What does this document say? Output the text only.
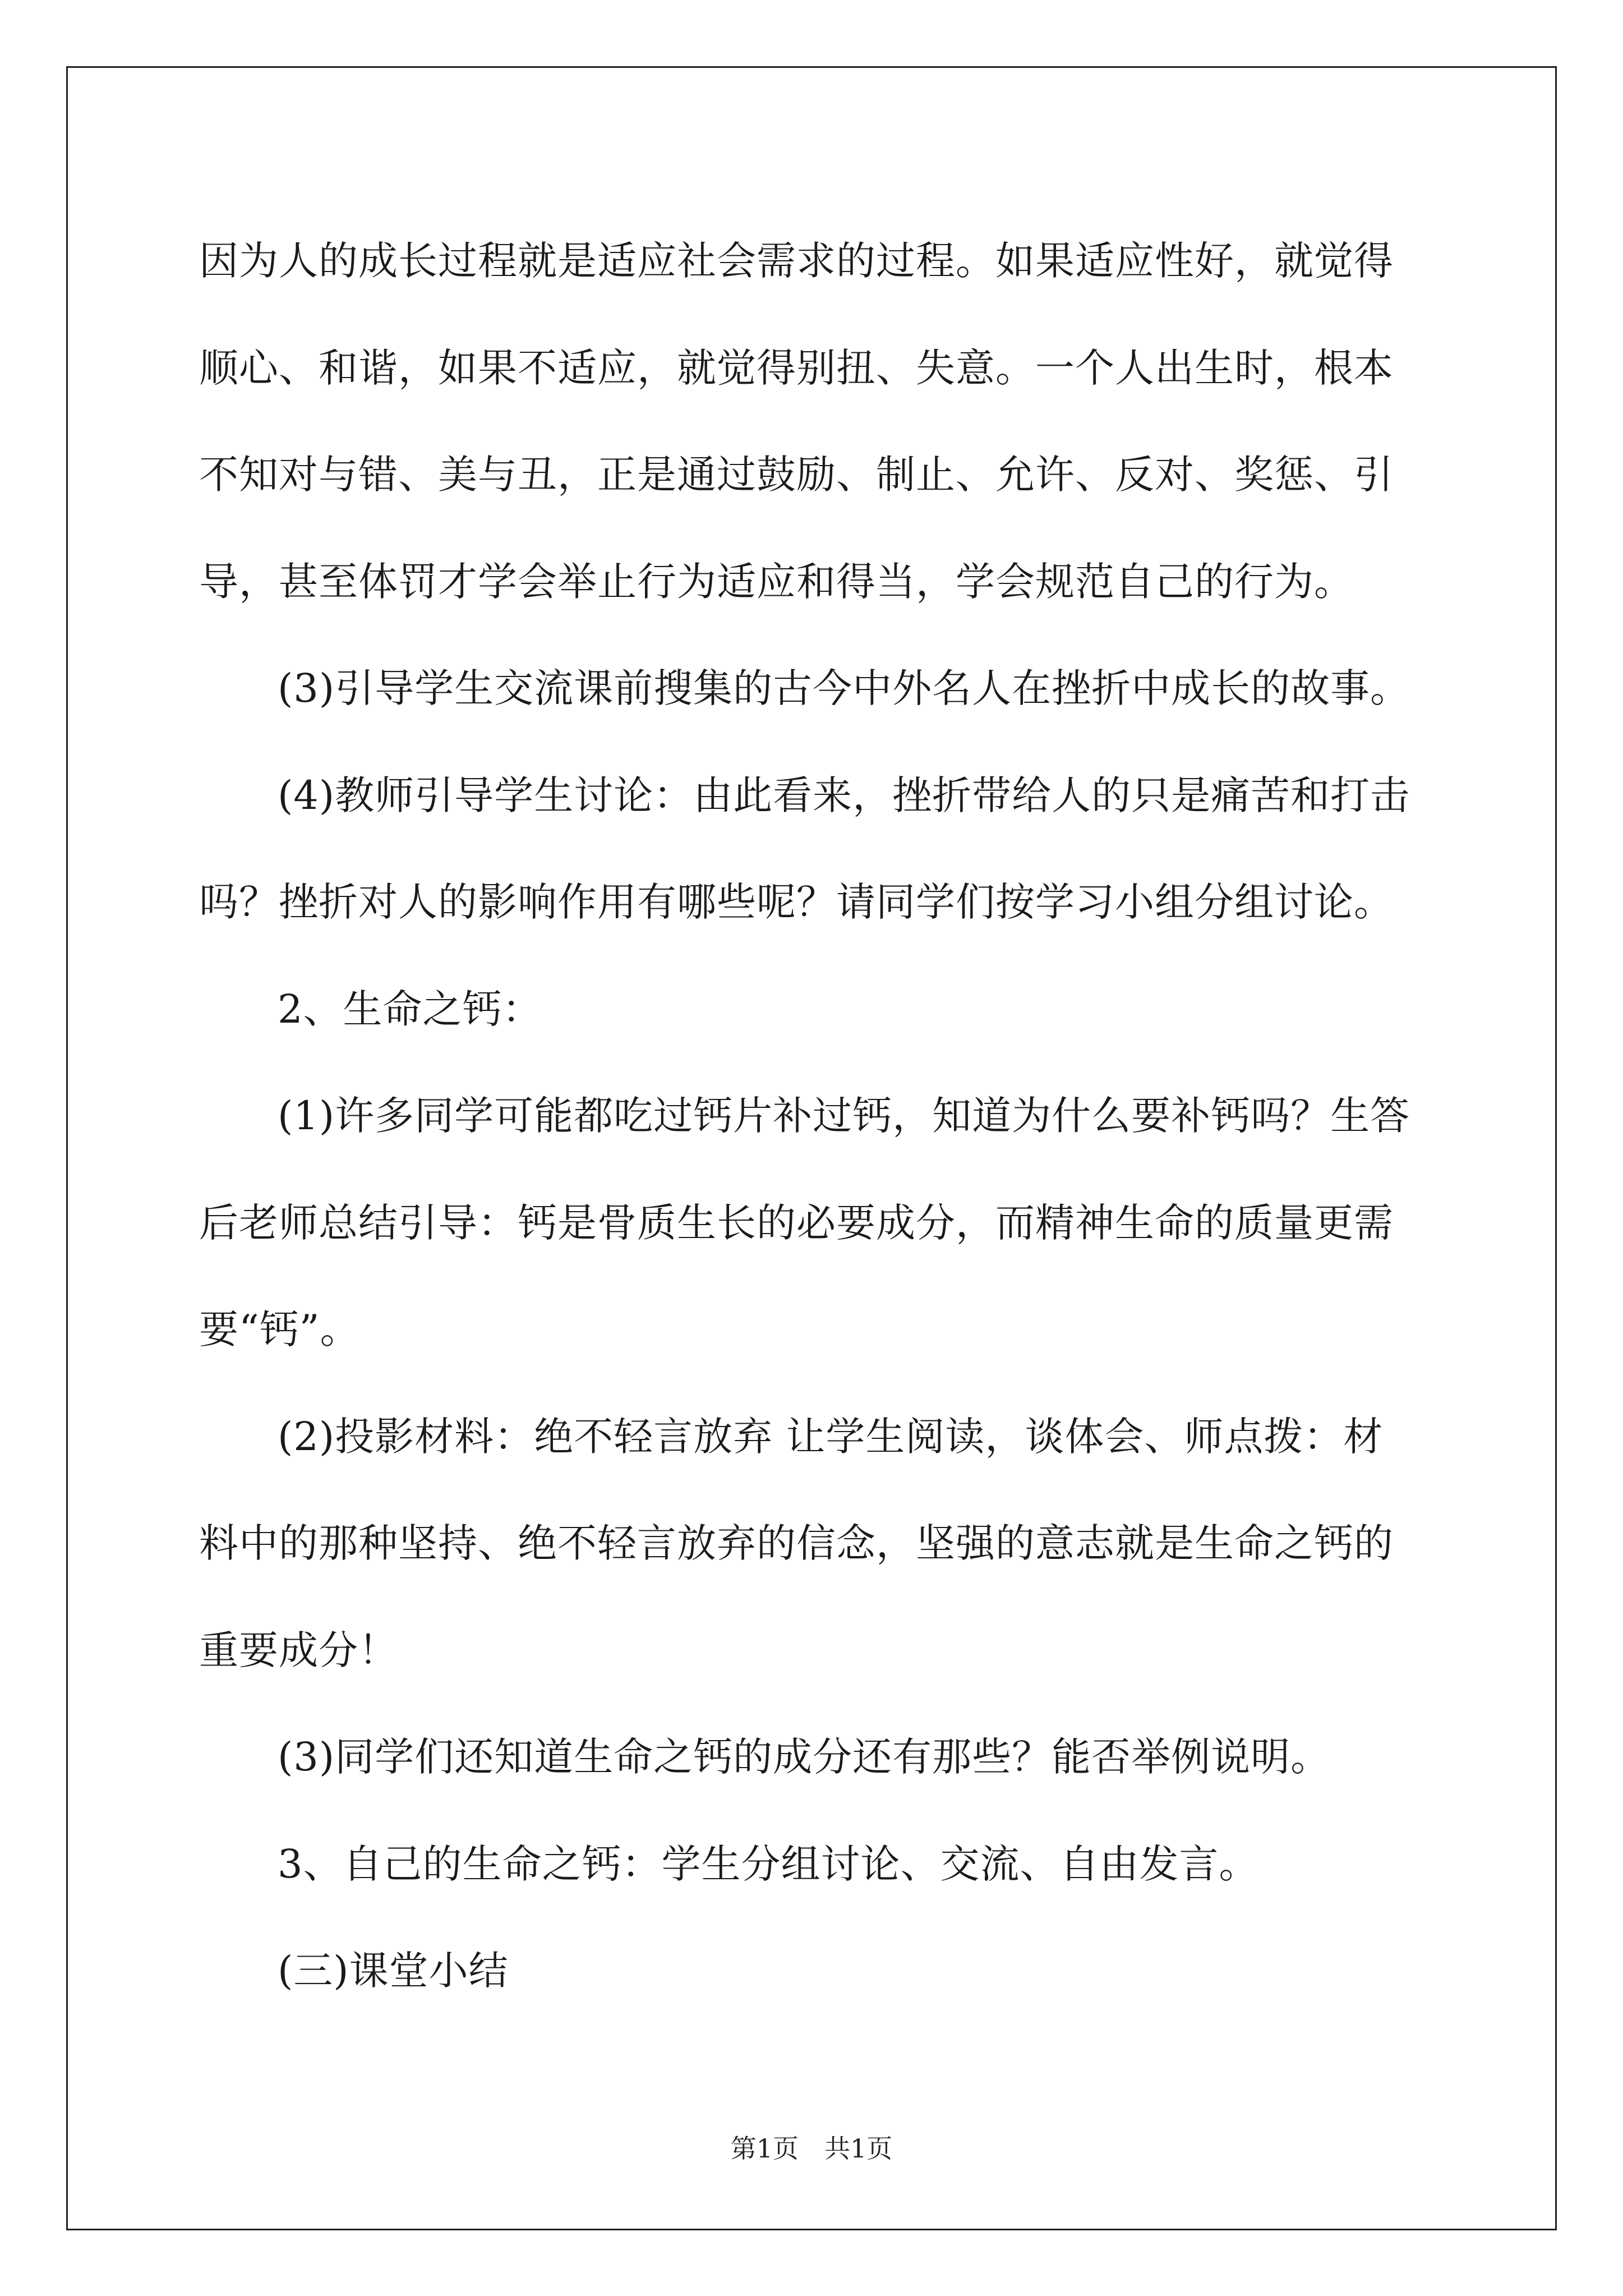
因为人的成长过程就是适应社会需求的过程。如果适应性好，就觉得

顺心、和谐，如果不适应，就觉得别扭、失意。一个人出生时，根本

不知对与错、美与丑，正是通过鼓励、制止、允许、反对、奖惩、引

导，甚至体罚才学会举止行为适应和得当，学会规范自己的行为。

(3)引导学生交流课前搜集的古今中外名人在挫折中成长的故事。

(4)教师引导学生讨论：由此看来，挫折带给人的只是痛苦和打击

吗？挫折对人的影响作用有哪些呢？请同学们按学习小组分组讨论。

2、生命之钙：

(1)许多同学可能都吃过钙片补过钙，知道为什么要补钙吗？生答

后老师总结引导：钙是骨质生长的必要成分，而精神生命的质量更需

要“钙”。

(2)投影材料：绝不轻言放弃 让学生阅读，谈体会、师点拨：材

料中的那种坚持、绝不轻言放弃的信念，坚强的意志就是生命之钙的

重要成分！

(3)同学们还知道生命之钙的成分还有那些？能否举例说明。

3、自己的生命之钙：学生分组讨论、交流、自由发言。

(三)课堂小结

第1页　共1页
